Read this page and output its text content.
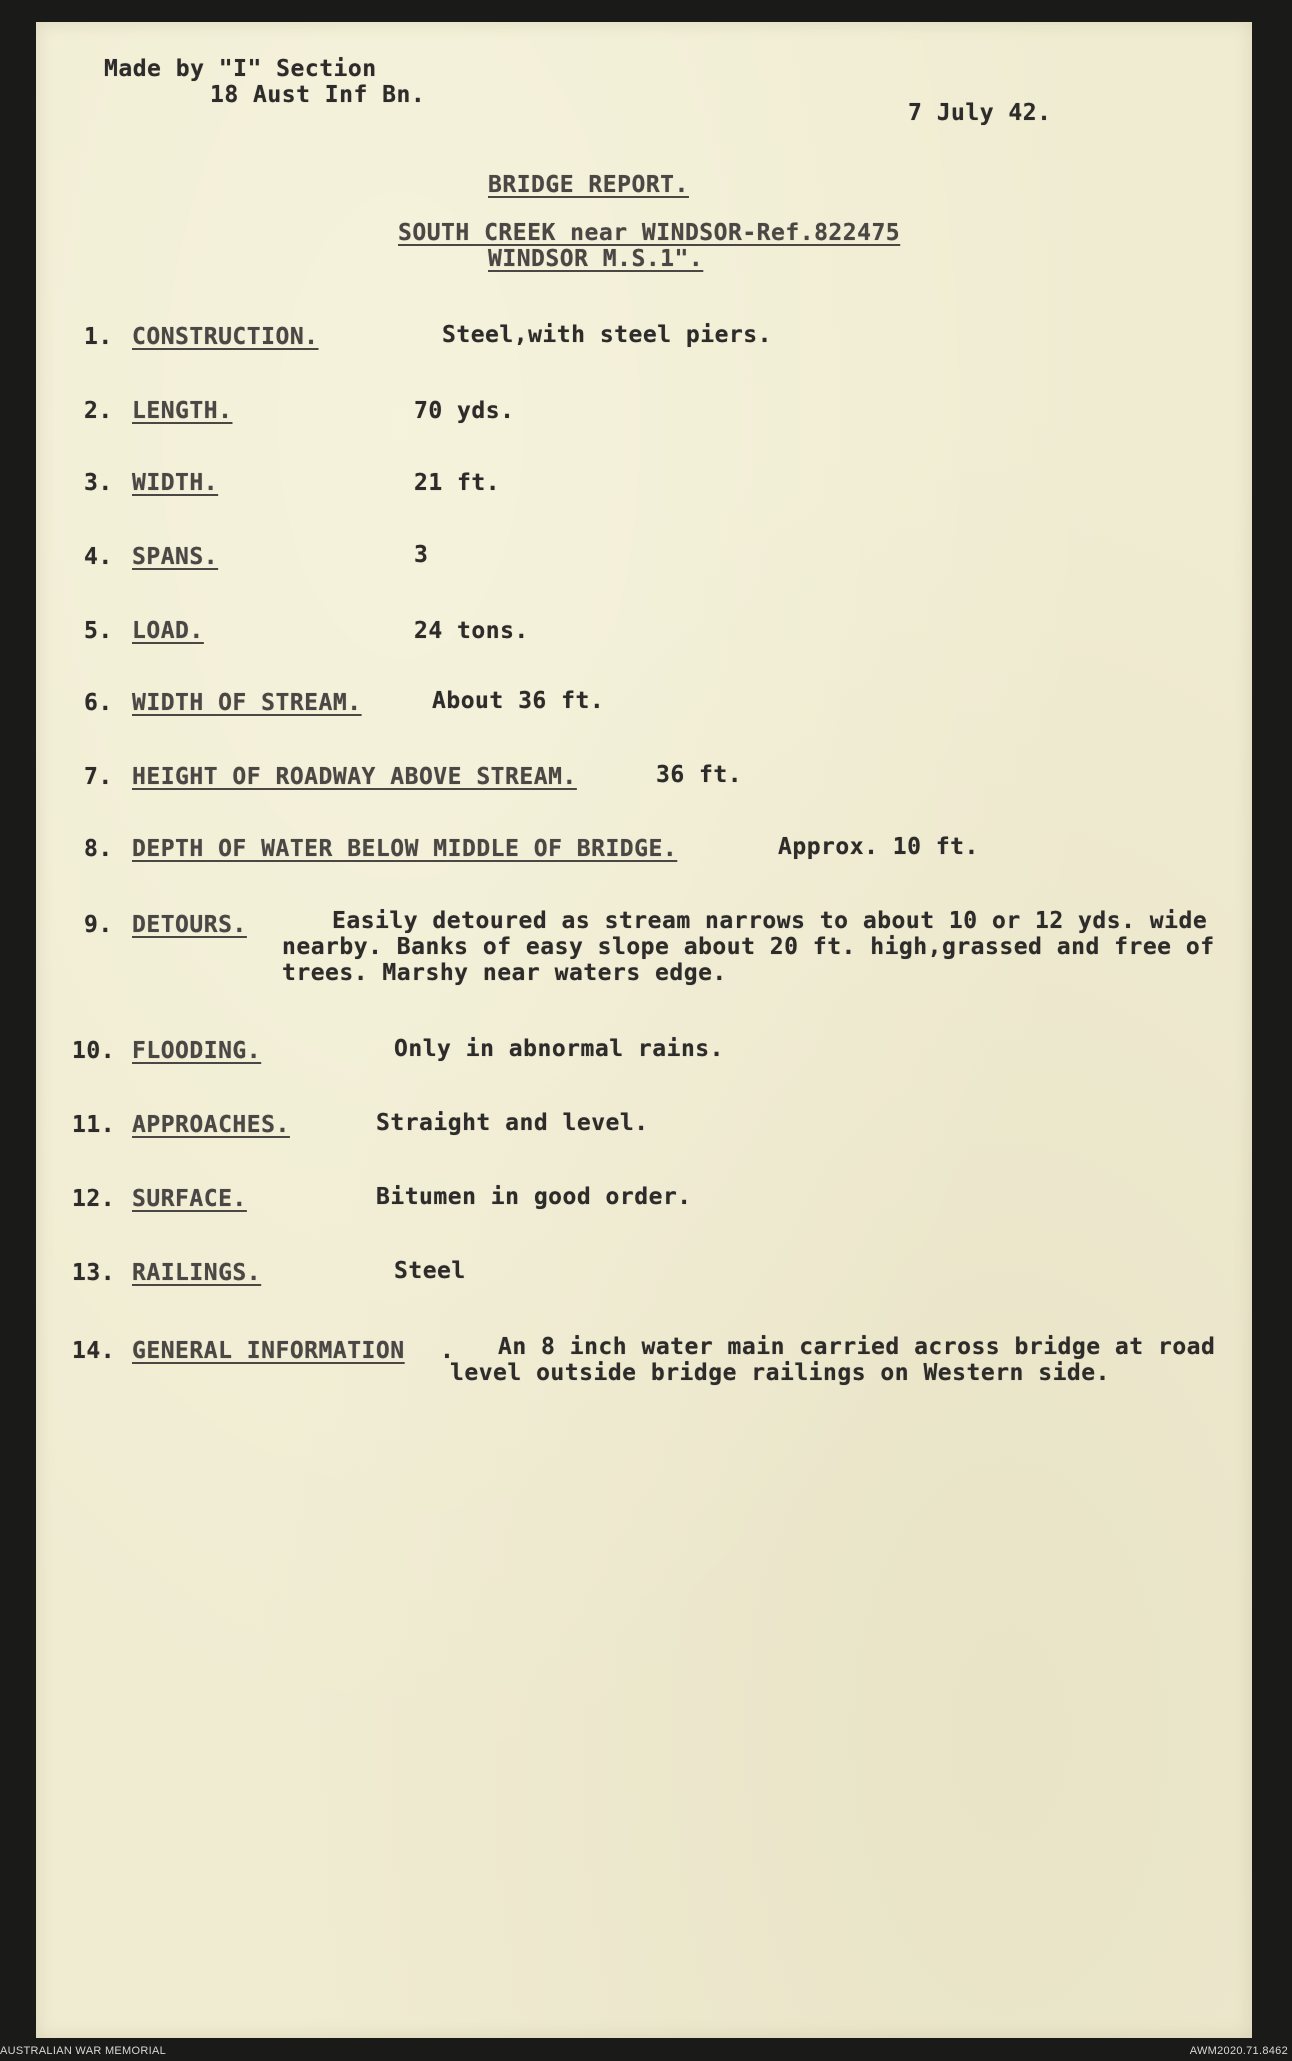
Made by "I" Section
18 Aust Inf Bn.
7 July 42.
BRIDGE REPORT.
SOUTH CREEK near WINDSOR-Ref.822475
WINDSOR M.S.1".
1. CONSTRUCTION.	Steel,with steel piers.
2. LENGTH.	70 yds.
3. WIDTH.	21 ft.
4. SPANS.	3
5. LOAD.	24 tons.
6. WIDTH OF STREAM.	About 36 ft.
7. HEIGHT OF ROADWAY ABOVE STREAM.	36 ft.
8. DEPTH OF WATER BELOW MIDDLE OF BRIDGE.	Approx. 10 ft.
9. DETOURS.	Easily detoured as stream narrows to about 10 or 12 yds. wide
nearby. Banks of easy slope about 20 ft. high,grassed and free of
trees. Marshy near waters edge.
10. FLOODING.	Only in abnormal rains.
11. APPROACHES.	Straight and level.
12. SURFACE.	Bitumen in good order.
13. RAILINGS.	Steel
14. GENERAL INFORMATION . An 8 inch water main carried across bridge at road
level outside bridge railings on Western side.
AUSTRALIAN WAR MEMORIAL	AWM2020.71.8462
